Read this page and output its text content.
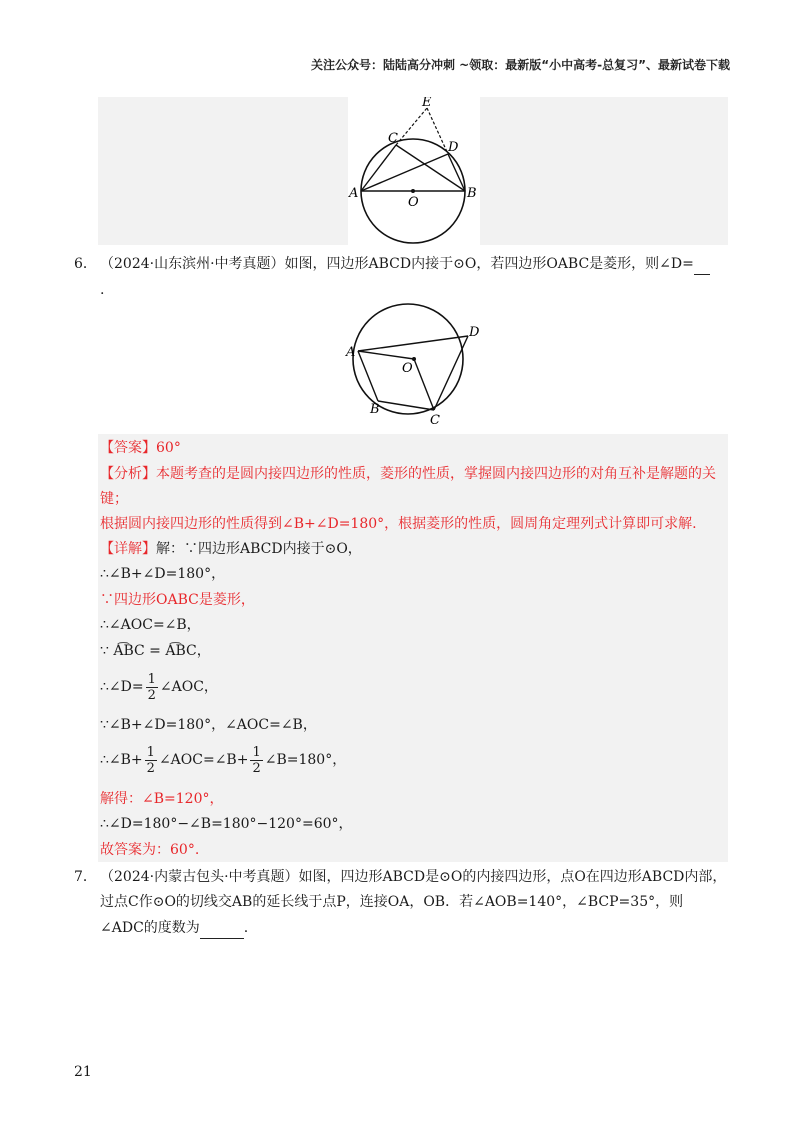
关注公众号：陆陆高分冲刺 ~领取：最新版“小中高考-总复习”、最新试卷下载
E
C
D
A	B
O
6． （2024·山东滨州·中考真题）如图，四边形ABCD内接于⊙O，若四边形OABC是菱形，则∠D=
.
A
D
O
B
C
【答案】60°
【分析】本题考查的是圆内接四边形的性质，菱形的性质，掌握圆内接四边形的对角互补是解题的关
键；
根据圆内接四边形的性质得到∠B+∠D=180°，根据菱形的性质，圆周角定理列式计算即可求解.
【详解】解：∵四边形ABCD内接于⊙O，
∴∠B+∠D=180°，
∵四边形OABC是菱形，
∴∠AOC=∠B，
∵ A͡BC = A͡BC，
∴∠D= $\frac{1}{2}$ ∠AOC，
∵∠B+∠D=180°，∠AOC=∠B，
∴∠B+ $\frac{1}{2}$ ∠AOC=∠B+ $\frac{1}{2}$ ∠B=180°，
解得：∠B=120°，
∴∠D=180°−∠B=180°−120°=60°，
故答案为：60°.
7． （2024·内蒙古包头·中考真题）如图，四边形ABCD是⊙O的内接四边形，点O在四边形ABCD内部，
过点C作⊙O的切线交AB的延长线于点P，连接OA，OB．若∠AOB=140°，∠BCP=35°，则
∠ADC的度数为	.
21
